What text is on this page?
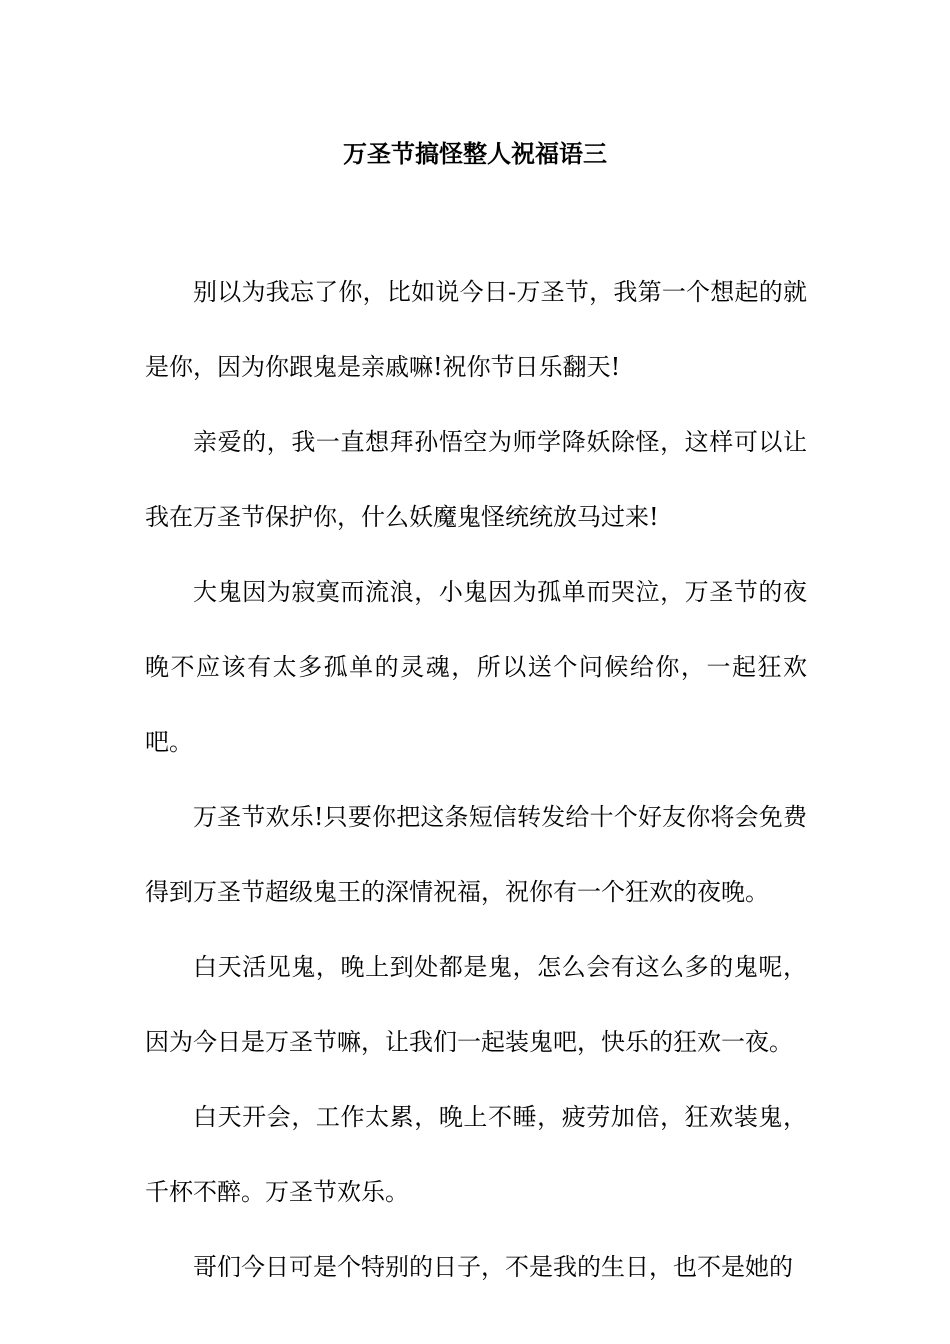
万圣节搞怪整人祝福语三

别以为我忘了你，比如说今日-万圣节，我第一个想起的就是你，因为你跟鬼是亲戚嘛!祝你节日乐翻天!

亲爱的，我一直想拜孙悟空为师学降妖除怪，这样可以让我在万圣节保护你，什么妖魔鬼怪统统放马过来!

大鬼因为寂寞而流浪，小鬼因为孤单而哭泣，万圣节的夜晚不应该有太多孤单的灵魂，所以送个问候给你，一起狂欢吧。

万圣节欢乐!只要你把这条短信转发给十个好友你将会免费得到万圣节超级鬼王的深情祝福，祝你有一个狂欢的夜晚。

白天活见鬼，晚上到处都是鬼，怎么会有这么多的鬼呢，因为今日是万圣节嘛，让我们一起装鬼吧，快乐的狂欢一夜。

白天开会，工作太累，晚上不睡，疲劳加倍，狂欢装鬼，千杯不醉。万圣节欢乐。

哥们今日可是个特别的日子，不是我的生日，也不是她的
